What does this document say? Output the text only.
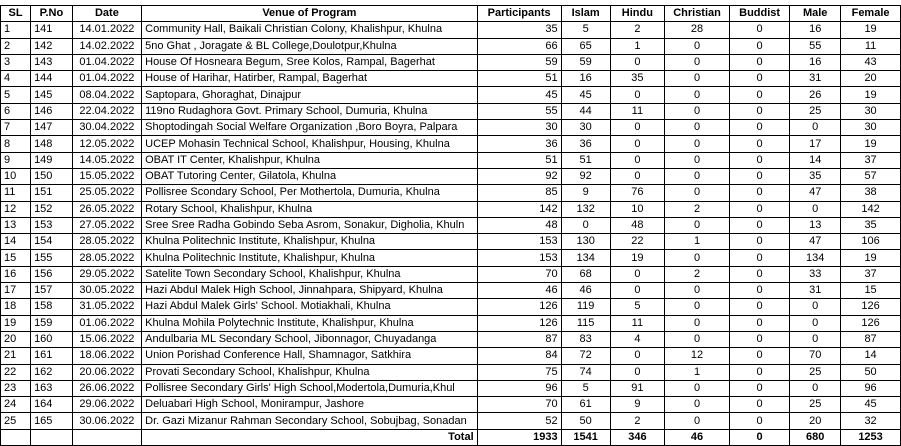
SL	P.No	Date	Venue of Program	Participants	Islam	Hindu	Christian	Buddist	Male	Female
1	141	14.01.2022	Community Hall, Baikali Christian Colony, Khalishpur, Khulna	35	5	2	28	0	16	19
2	142	14.02.2022	5no Ghat , Joragate & BL College,Doulotpur,Khulna	66	65	1	0	0	55	11
3	143	01.04.2022	House Of Hosneara Begum, Sree Kolos, Rampal, Bagerhat	59	59	0	0	0	16	43
4	144	01.04.2022	House of Harihar, Hatirber, Rampal, Bagerhat	51	16	35	0	0	31	20
5	145	08.04.2022	Saptopara, Ghoraghat, Dinajpur	45	45	0	0	0	26	19
6	146	22.04.2022	119no Rudaghora Govt. Primary School, Dumuria, Khulna	55	44	11	0	0	25	30
7	147	30.04.2022	Shoptodingah Social Welfare Organization ,Boro Boyra, Palpara	30	30	0	0	0	0	30
8	148	12.05.2022	UCEP Mohasin Technical School, Khalishpur, Housing, Khulna	36	36	0	0	0	17	19
9	149	14.05.2022	OBAT IT Center, Khalishpur, Khulna	51	51	0	0	0	14	37
10	150	15.05.2022	OBAT Tutoring Center, Gilatola, Khulna	92	92	0	0	0	35	57
11	151	25.05.2022	Pollisree Scondary School, Per Mothertola, Dumuria, Khulna	85	9	76	0	0	47	38
12	152	26.05.2022	Rotary School, Khalishpur, Khulna	142	132	10	2	0	0	142
13	153	27.05.2022	Sree Sree Radha Gobindo Seba Asrom, Sonakur, Digholia, Khuln	48	0	48	0	0	13	35
14	154	28.05.2022	Khulna Politechnic Institute, Khalishpur, Khulna	153	130	22	1	0	47	106
15	155	28.05.2022	Khulna Politechnic Institute, Khalishpur, Khulna	153	134	19	0	0	134	19
16	156	29.05.2022	Satelite Town Secondary School, Khalishpur, Khulna	70	68	0	2	0	33	37
17	157	30.05.2022	Hazi Abdul Malek High School, Jinnahpara, Shipyard, Khulna	46	46	0	0	0	31	15
18	158	31.05.2022	Hazi Abdul Malek Girls' School. Motiakhali, Khulna	126	119	5	0	0	0	126
19	159	01.06.2022	Khulna Mohila Polytechnic Institute, Khalishpur, Khulna	126	115	11	0	0	0	126
20	160	15.06.2022	Andulbaria ML Secondary School, Jibonnagor, Chuyadanga	87	83	4	0	0	0	87
21	161	18.06.2022	Union Porishad Conference Hall, Shamnagor, Satkhira	84	72	0	12	0	70	14
22	162	20.06.2022	Provati Secondary School, Khalishpur, Khulna	75	74	0	1	0	25	50
23	163	26.06.2022	Pollisree Secondary Girls' High School,Modertola,Dumuria,Khul	96	5	91	0	0	0	96
24	164	29.06.2022	Deluabari High School, Monirampur, Jashore	70	61	9	0	0	25	45
25	165	30.06.2022	Dr. Gazi Mizanur Rahman Secondary School, Sobujbag, Sonadan	52	50	2	0	0	20	32
			Total	1933	1541	346	46	0	680	1253
